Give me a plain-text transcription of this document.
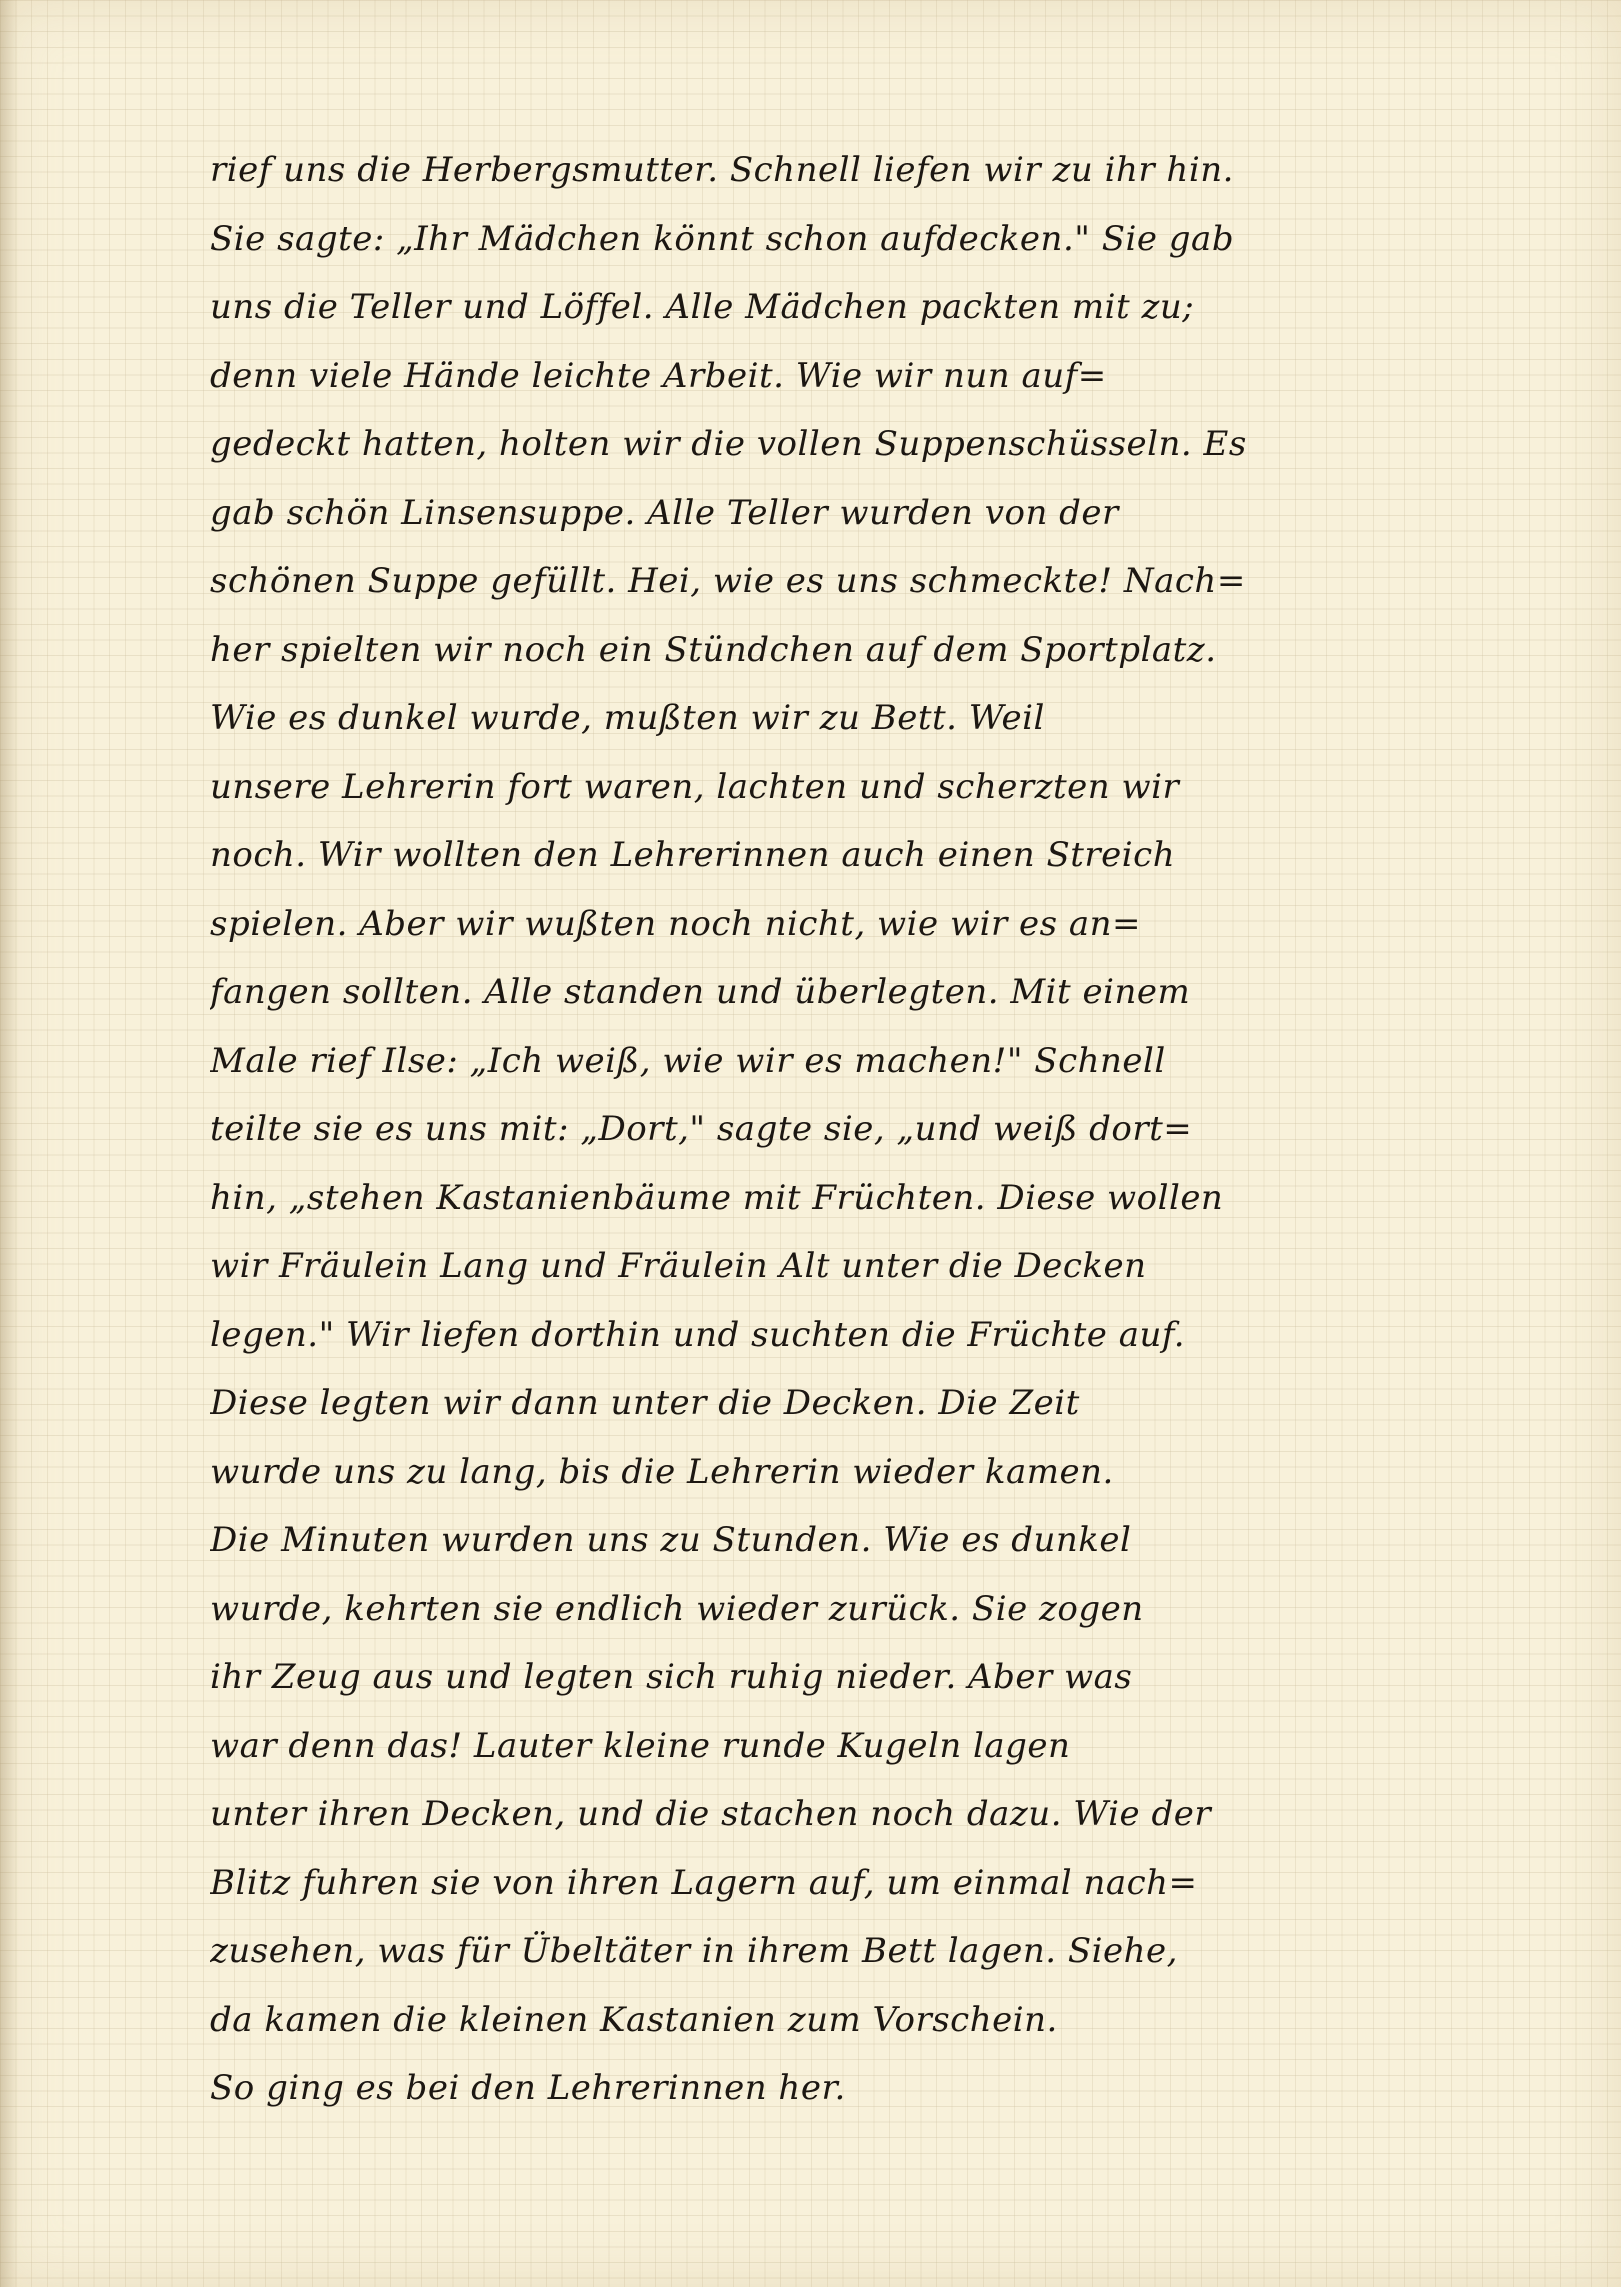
rief uns die Herbergsmutter. Schnell liefen wir zu ihr hin.
Sie sagte: „Ihr Mädchen könnt schon aufdecken." Sie gab
uns die Teller und Löffel. Alle Mädchen packten mit zu;
denn viele Hände leichte Arbeit. Wie wir nun auf=
gedeckt hatten, holten wir die vollen Suppenschüsseln. Es
gab schön Linsensuppe. Alle Teller wurden von der
schönen Suppe gefüllt. Hei, wie es uns schmeckte! Nach=
her spielten wir noch ein Stündchen auf dem Sportplatz.
Wie es dunkel wurde, mußten wir zu Bett. Weil
unsere Lehrerin fort waren, lachten und scherzten wir
noch. Wir wollten den Lehrerinnen auch einen Streich
spielen. Aber wir wußten noch nicht, wie wir es an=
fangen sollten. Alle standen und überlegten. Mit einem
Male rief Ilse: „Ich weiß, wie wir es machen!" Schnell
teilte sie es uns mit: „Dort," sagte sie, „und weiß dort=
hin, „stehen Kastanienbäume mit Früchten. Diese wollen
wir Fräulein Lang und Fräulein Alt unter die Decken
legen." Wir liefen dorthin und suchten die Früchte auf.
Diese legten wir dann unter die Decken. Die Zeit
wurde uns zu lang, bis die Lehrerin wieder kamen.
Die Minuten wurden uns zu Stunden. Wie es dunkel
wurde, kehrten sie endlich wieder zurück. Sie zogen
ihr Zeug aus und legten sich ruhig nieder. Aber was
war denn das! Lauter kleine runde Kugeln lagen
unter ihren Decken, und die stachen noch dazu. Wie der
Blitz fuhren sie von ihren Lagern auf, um einmal nach=
zusehen, was für Übeltäter in ihrem Bett lagen. Siehe,
da kamen die kleinen Kastanien zum Vorschein.
So ging es bei den Lehrerinnen her.
